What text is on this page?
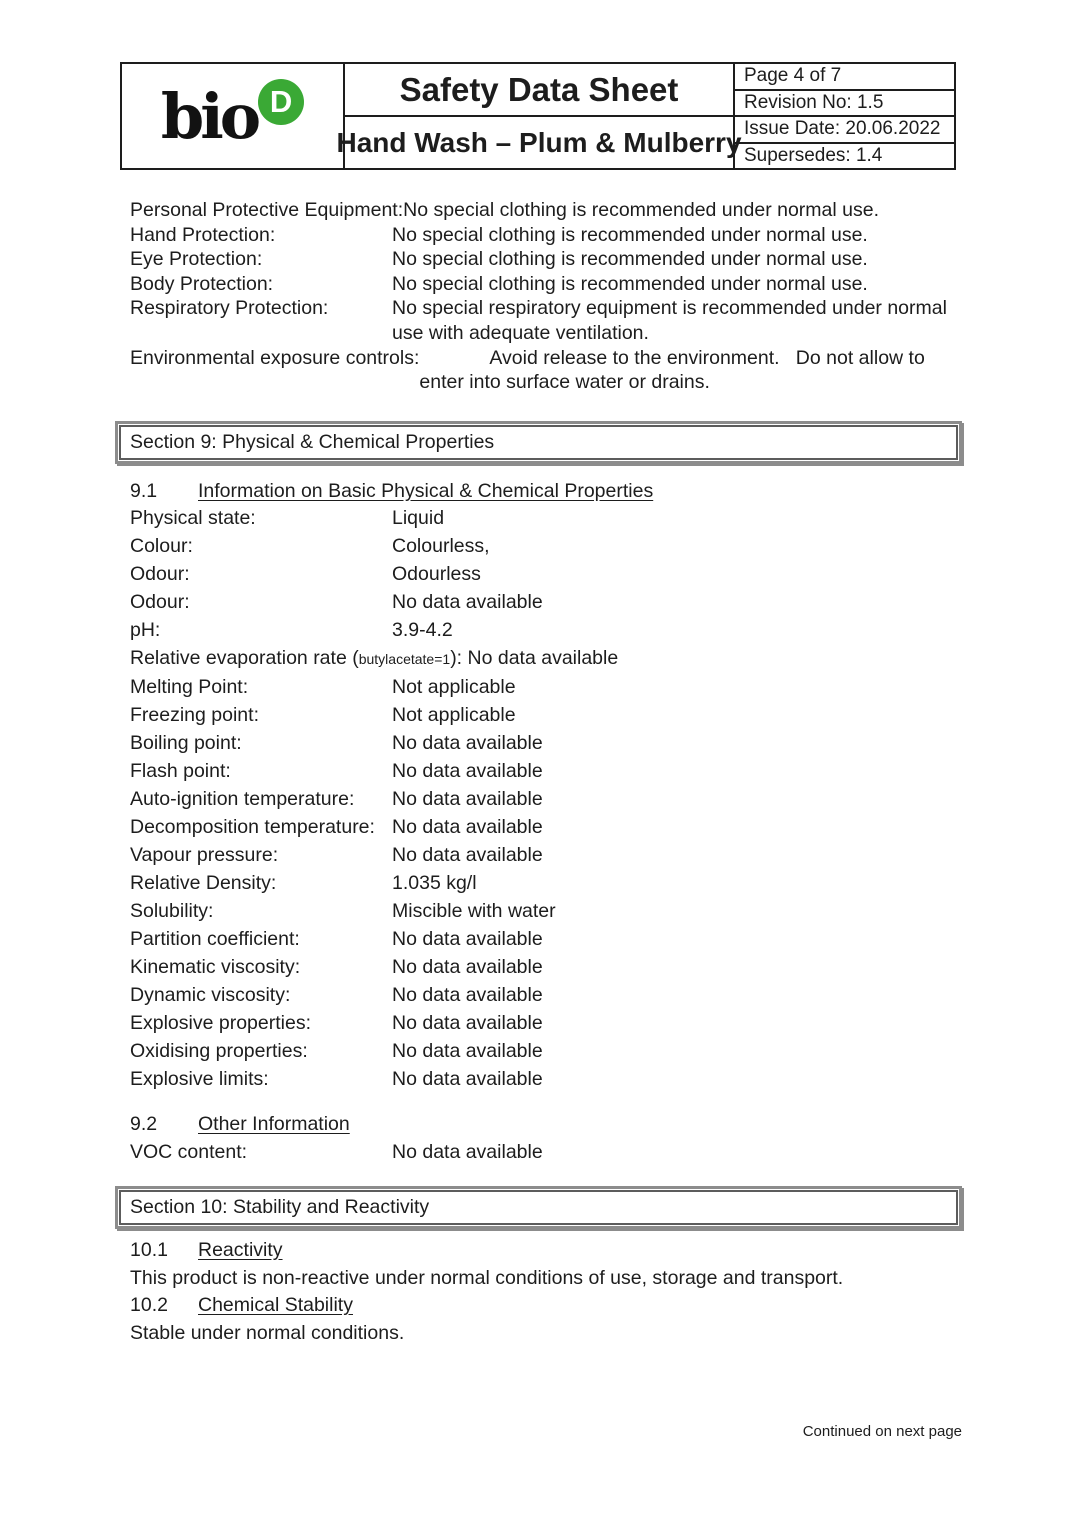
bio D	Safety Data Sheet
Hand Wash – Plum & Mulberry
Page 4 of 7
Revision No: 1.5
Issue Date: 20.06.2022
Supersedes: 1.4
Personal Protective Equipment: No special clothing is recommended under normal use.
Hand Protection:	No special clothing is recommended under normal use.
Eye Protection:	No special clothing is recommended under normal use.
Body Protection:	No special clothing is recommended under normal use.
Respiratory Protection:	No special respiratory equipment is recommended under normal use with adequate ventilation.
Environmental exposure controls:	Avoid release to the environment.   Do not allow to enter into surface water or drains.
Section 9: Physical & Chemical Properties
9.1 Information on Basic Physical & Chemical Properties
Physical state:	Liquid
Colour:	Colourless,
Odour:	Odourless
Odour:	No data available
pH:	3.9-4.2
Relative evaporation rate (butylacetate=1): No data available
Melting Point:	Not applicable
Freezing point:	Not applicable
Boiling point:	No data available
Flash point:	No data available
Auto-ignition temperature:	No data available
Decomposition temperature: No data available
Vapour pressure:	No data available
Relative Density:	1.035 kg/l
Solubility:	Miscible with water
Partition coefficient:	No data available
Kinematic viscosity:	No data available
Dynamic viscosity:	No data available
Explosive properties:	No data available
Oxidising properties:	No data available
Explosive limits:	No data available
9.2 Other Information
VOC content:	No data available
Section 10: Stability and Reactivity
10.1 Reactivity
This product is non-reactive under normal conditions of use, storage and transport.
10.2 Chemical Stability
Stable under normal conditions.
Continued on next page
